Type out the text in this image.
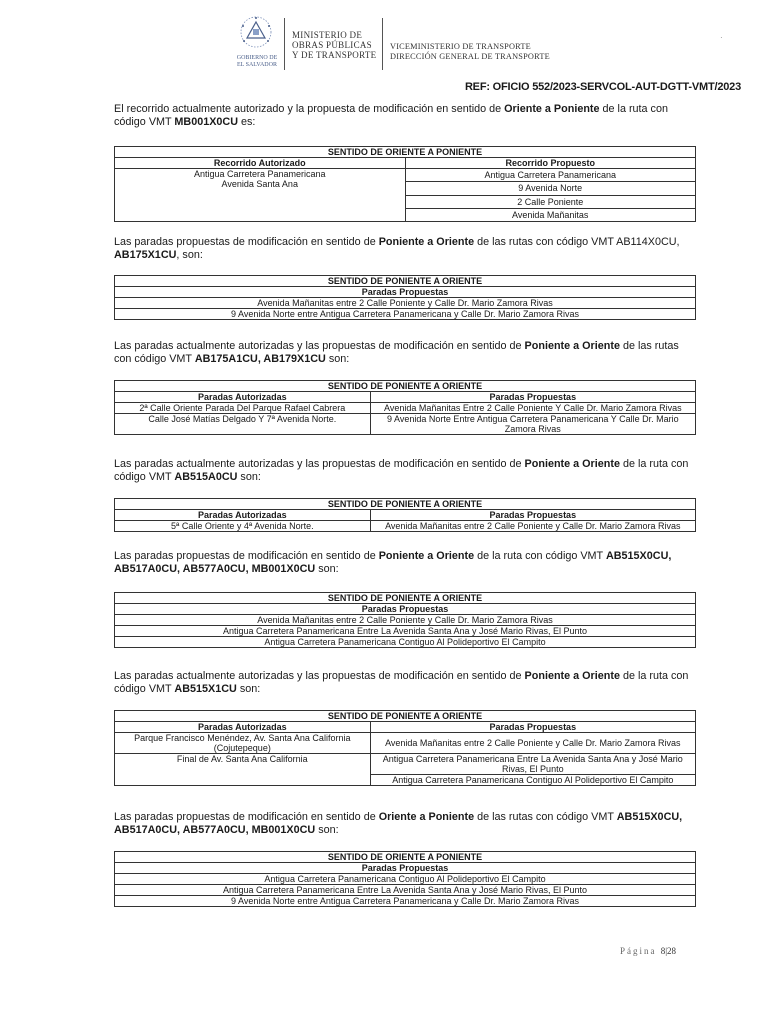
GOBIERNO DE
EL SALVADOR
MINISTERIO DE
OBRAS PÚBLICAS
Y DE TRANSPORTE
VICEMINISTERIO DE TRANSPORTE
DIRECCIÓN GENERAL DE TRANSPORTE
·
REF: OFICIO 552/2023-SERVCOL-AUT-DGTT-VMT/2023
El recorrido actualmente autorizado y la propuesta de modificación en sentido de Oriente a Poniente de la ruta con código VMT MB001X0CU es:
SENTIDO DE ORIENTE A PONIENTE	
Recorrido Autorizado	Recorrido Propuesto

Antigua Carretera Panamericana
Avenida Santa Ana	Antigua Carretera Panamericana
	9 Avenida Norte
	2 Calle Poniente
	Avenida Mañanitas
Las paradas propuestas de modificación en sentido de Poniente a Oriente de las rutas con código VMT AB114X0CU,
AB175X1CU, son:
SENTIDO DE PONIENTE A ORIENTE
Paradas Propuestas
Avenida Mañanitas entre 2 Calle Poniente y Calle Dr. Mario Zamora Rivas
9 Avenida Norte entre Antigua Carretera Panamericana y Calle Dr. Mario Zamora Rivas
Las paradas actualmente autorizadas y las propuestas de modificación en sentido de Poniente a Oriente de las rutas con código VMT AB175A1CU, AB179X1CU son:
SENTIDO DE PONIENTE A ORIENTE	
Paradas Autorizadas	Paradas Propuestas
2ª Calle Oriente Parada Del Parque Rafael Cabrera	Avenida Mañanitas Entre 2 Calle Poniente Y Calle Dr. Mario Zamora Rivas
Calle José Matías Delgado Y 7ª Avenida Norte.	9 Avenida Norte Entre Antigua Carretera Panamericana Y Calle Dr. Mario
Zamora Rivas
Las paradas actualmente autorizadas y las propuestas de modificación en sentido de Poniente a Oriente de la ruta con código VMT AB515A0CU son:
SENTIDO DE PONIENTE A ORIENTE	
Paradas Autorizadas	Paradas Propuestas
5ª Calle Oriente y 4ª Avenida Norte.	Avenida Mañanitas entre 2 Calle Poniente y Calle Dr. Mario Zamora Rivas
Las paradas propuestas de modificación en sentido de Poniente a Oriente de la ruta con código VMT AB515X0CU,
AB517A0CU, AB577A0CU, MB001X0CU son:
SENTIDO DE PONIENTE A ORIENTE
Paradas Propuestas
Avenida Mañanitas entre 2 Calle Poniente y Calle Dr. Mario Zamora Rivas
Antigua Carretera Panamericana Entre La Avenida Santa Ana y José Mario Rivas, El Punto
Antigua Carretera Panamericana Contiguo Al Polideportivo El Campito
Las paradas actualmente autorizadas y las propuestas de modificación en sentido de Poniente a Oriente de la ruta con código VMT AB515X1CU son:
SENTIDO DE PONIENTE A ORIENTE	
Paradas Autorizadas	Paradas Propuestas

Parque Francisco Menéndez, Av. Santa Ana California
(Cojutepeque)	Avenida Mañanitas entre 2 Calle Poniente y Calle Dr. Mario Zamora Rivas
Final de Av. Santa Ana California	Antigua Carretera Panamericana Entre La Avenida Santa Ana y José Mario
Rivas, El Punto

	Antigua Carretera Panamericana Contiguo Al Polideportivo El Campito
Las paradas propuestas de modificación en sentido de Oriente a Poniente de las rutas con código VMT AB515X0CU,
AB517A0CU, AB577A0CU, MB001X0CU son:
SENTIDO DE ORIENTE A PONIENTE
Paradas Propuestas
Antigua Carretera Panamericana Contiguo Al Polideportivo El Campito
Antigua Carretera Panamericana Entre La Avenida Santa Ana y José Mario Rivas, El Punto
9 Avenida Norte entre Antigua Carretera Panamericana y Calle Dr. Mario Zamora Rivas
Página 8|28
